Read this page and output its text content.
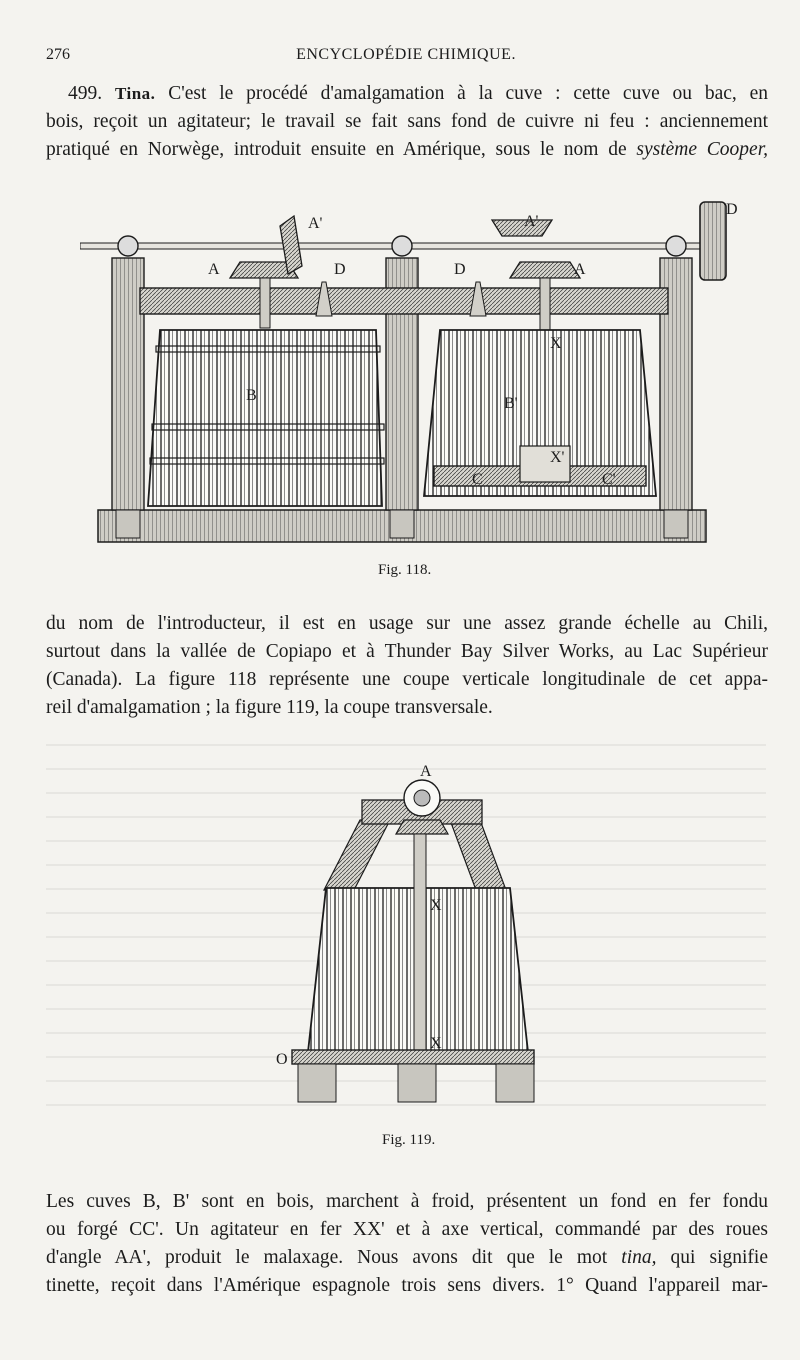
276	ENCYCLOPÉDIE CHIMIQUE.
499. Tina. C'est le procédé d'amalgamation à la cuve : cette cuve ou bac, en
bois, reçoit un agitateur; le travail se fait sans fond de cuivre ni feu : anciennement
pratiqué en Norwège, introduit ensuite en Amérique, sous le nom de système Cooper,
A
A'
D	D
A'
A
D
B	B'
X
X'
C	C'
Fig. 118.
du nom de l'introducteur, il est en usage sur une assez grande échelle au Chili,
surtout dans la vallée de Copiapo et à Thunder Bay Silver Works, au Lac Supérieur
(Canada). La figure 118 représente une coupe verticale longitudinale de cet appa-
reil d'amalgamation ; la figure 119, la coupe transversale.
A
X
X
O
Fig. 119.
Les cuves B, B' sont en bois, marchent à froid, présentent un fond en fer fondu
ou forgé CC'. Un agitateur en fer XX' et à axe vertical, commandé par des roues
d'angle AA', produit le malaxage. Nous avons dit que le mot tina, qui signifie
tinette, reçoit dans l'Amérique espagnole trois sens divers. 1° Quand l'appareil mar-
